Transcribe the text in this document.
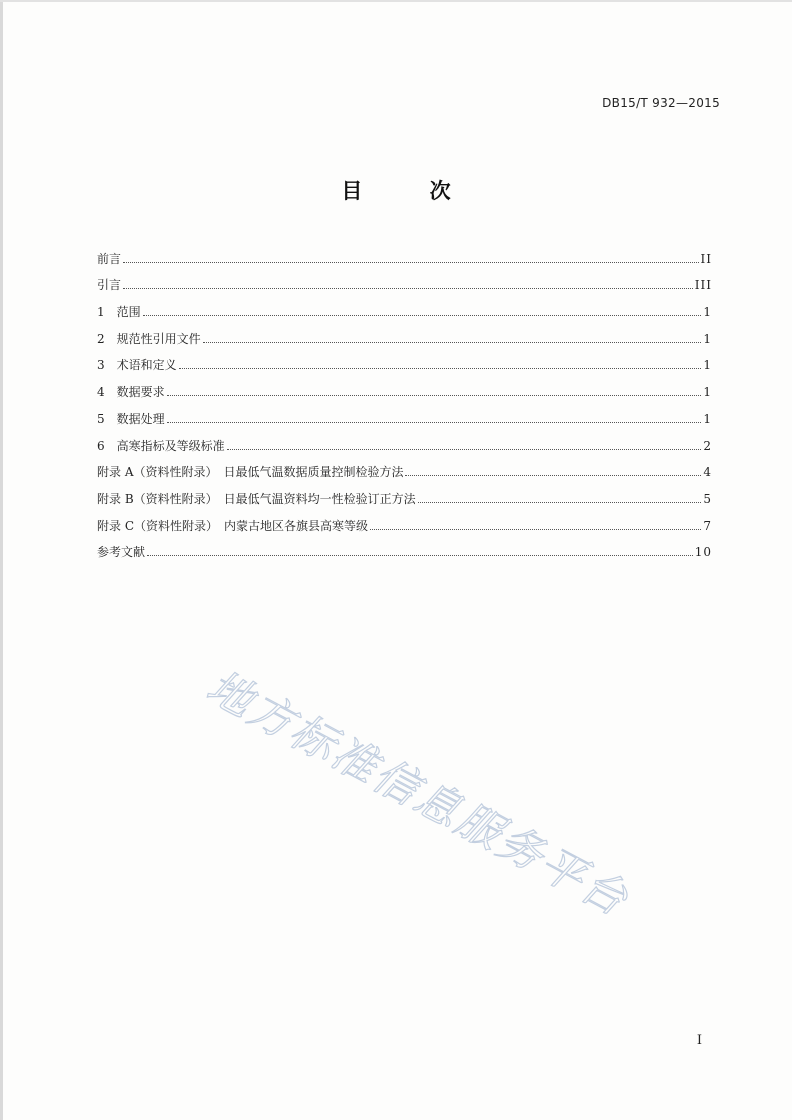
DB15/T 932—2015
目 次
前言	II
引言	III
1　范围	1
2　规范性引用文件	1
3　术语和定义	1
4　数据要求	1
5　数据处理	1
6　高寒指标及等级标准	2
附录 A（资料性附录）　日最低气温数据质量控制检验方法	4
附录 B（资料性附录）　日最低气温资料均一性检验订正方法	5
附录 C（资料性附录）　内蒙古地区各旗县高寒等级	7
参考文献	10
地方标准信息服务平台
I
